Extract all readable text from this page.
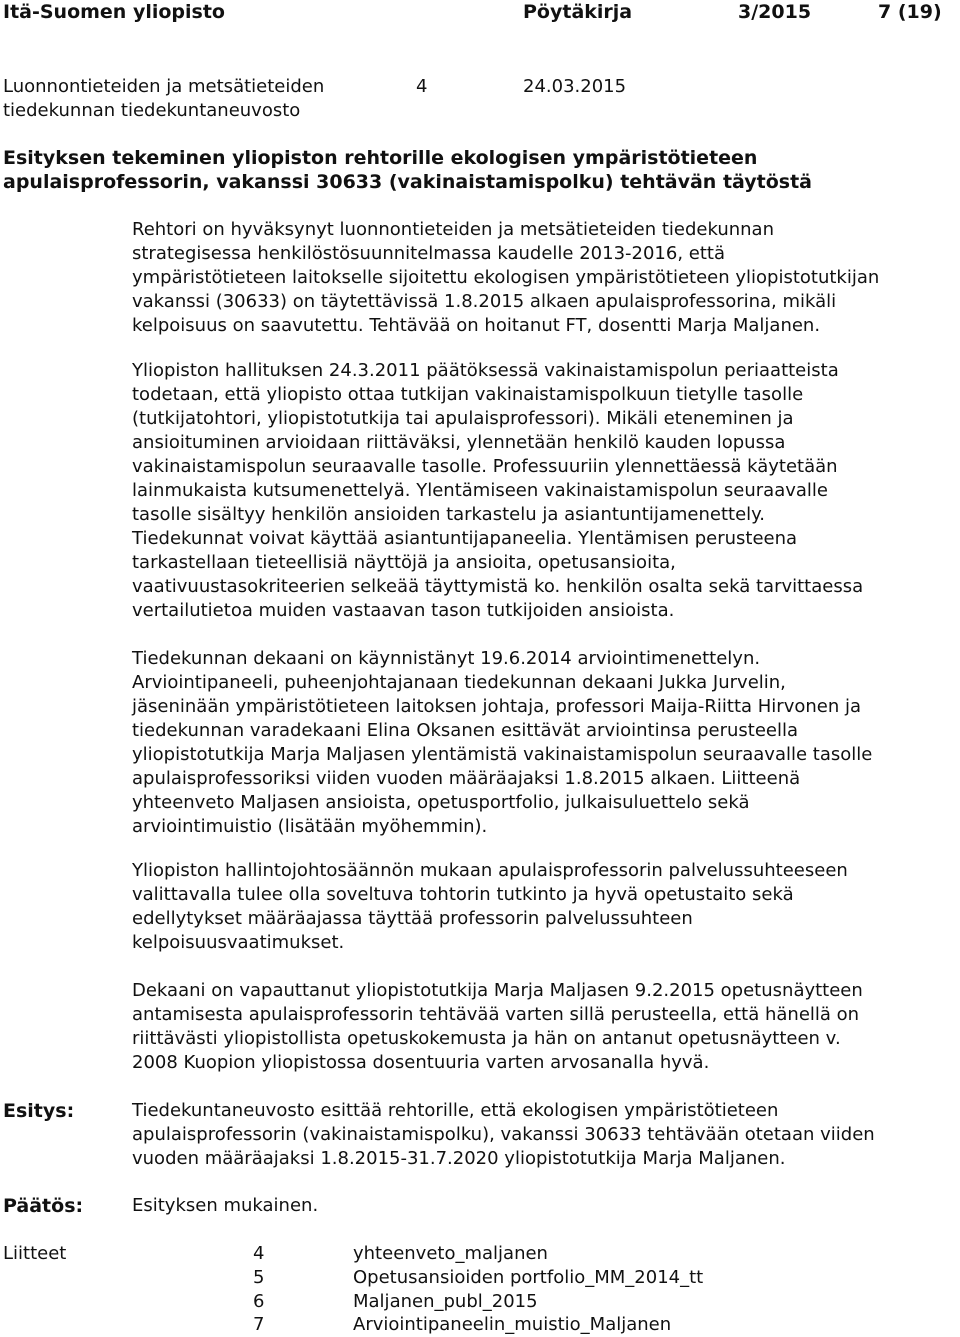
Itä-Suomen yliopisto	Pöytäkirja	3/2015	7 (19)
Luonnontieteiden ja metsätieteiden
tiedekunnan tiedekuntaneuvosto
4	24.03.2015
Esityksen tekeminen yliopiston rehtorille ekologisen ympäristötieteen
apulaisprofessorin, vakanssi 30633 (vakinaistamispolku) tehtävän täytöstä
Rehtori on hyväksynyt luonnontieteiden ja metsätieteiden tiedekunnan
strategisessa henkilöstösuunnitelmassa kaudelle 2013-2016, että
ympäristötieteen laitokselle sijoitettu ekologisen ympäristötieteen yliopistotutkijan
vakanssi (30633) on täytettävissä 1.8.2015 alkaen apulaisprofessorina, mikäli
kelpoisuus on saavutettu. Tehtävää on hoitanut FT, dosentti Marja Maljanen.
Yliopiston hallituksen 24.3.2011 päätöksessä vakinaistamispolun periaatteista
todetaan, että yliopisto ottaa tutkijan vakinaistamispolkuun tietylle tasolle
(tutkijatohtori, yliopistotutkija tai apulaisprofessori). Mikäli eteneminen ja
ansioituminen arvioidaan riittäväksi, ylennetään henkilö kauden lopussa
vakinaistamispolun seuraavalle tasolle. Professuuriin ylennettäessä käytetään
lainmukaista kutsumenettelyä. Ylentämiseen vakinaistamispolun seuraavalle
tasolle sisältyy henkilön ansioiden tarkastelu ja asiantuntijamenettely.
Tiedekunnat voivat käyttää asiantuntijapaneelia. Ylentämisen perusteena
tarkastellaan tieteellisiä näyttöjä ja ansioita, opetusansioita,
vaativuustasokriteerien selkeää täyttymistä ko. henkilön osalta sekä tarvittaessa
vertailutietoa muiden vastaavan tason tutkijoiden ansioista.
Tiedekunnan dekaani on käynnistänyt 19.6.2014 arviointimenettelyn.
Arviointipaneeli, puheenjohtajanaan tiedekunnan dekaani Jukka Jurvelin,
jäseninään ympäristötieteen laitoksen johtaja, professori Maija-Riitta Hirvonen ja
tiedekunnan varadekaani Elina Oksanen esittävät arviointinsa perusteella
yliopistotutkija Marja Maljasen ylentämistä vakinaistamispolun seuraavalle tasolle
apulaisprofessoriksi viiden vuoden määräajaksi 1.8.2015 alkaen. Liitteenä
yhteenveto Maljasen ansioista, opetusportfolio, julkaisuluettelo sekä
arviointimuistio (lisätään myöhemmin).
Yliopiston hallintojohtosäännön mukaan apulaisprofessorin palvelussuhteeseen
valittavalla tulee olla soveltuva tohtorin tutkinto ja hyvä opetustaito sekä
edellytykset määräajassa täyttää professorin palvelussuhteen
kelpoisuusvaatimukset.
Dekaani on vapauttanut yliopistotutkija Marja Maljasen 9.2.2015 opetusnäytteen
antamisesta apulaisprofessorin tehtävää varten sillä perusteella, että hänellä on
riittävästi yliopistollista opetuskokemusta ja hän on antanut opetusnäytteen v.
2008 Kuopion yliopistossa dosentuuria varten arvosanalla hyvä.
Esitys:	Tiedekuntaneuvosto esittää rehtorille, että ekologisen ympäristötieteen
apulaisprofessorin (vakinaistamispolku), vakanssi 30633 tehtävään otetaan viiden
vuoden määräajaksi 1.8.2015-31.7.2020 yliopistotutkija Marja Maljanen.
Päätös:	Esityksen mukainen.
Liitteet	4	yhteenveto_maljanen
5	Opetusansioiden portfolio_MM_2014_tt
6	Maljanen_publ_2015
7	Arviointipaneelin_muistio_Maljanen
